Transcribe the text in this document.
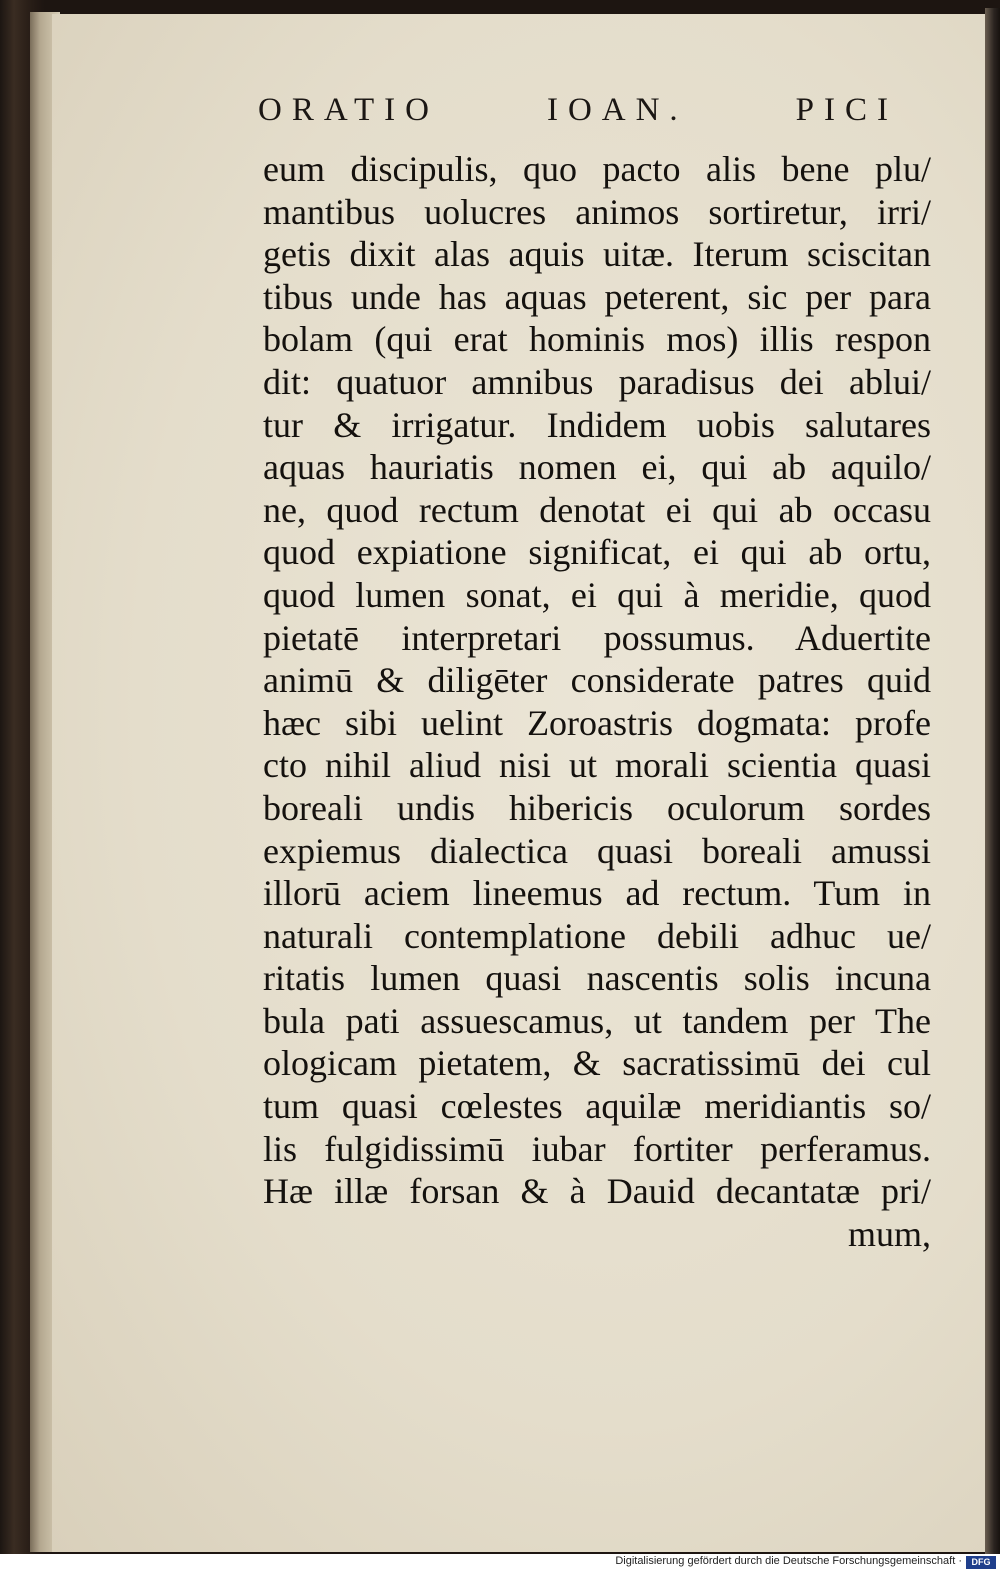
ORATIO	IOAN.	PICI
eum discipulis, quo pacto alis bene plu/
mantibus uolucres animos sortiretur, irri/
getis dixit alas aquis uitæ. Iterum sciscitan
tibus unde has aquas peterent, sic per para
bolam (qui erat hominis mos) illis respon
dit: quatuor amnibus paradisus dei ablui/
tur & irrigatur. Indidem uobis salutares
aquas hauriatis nomen ei, qui ab aquilo/
ne, quod rectum denotat ei qui ab occasu
quod expiatione significat, ei qui ab ortu,
quod lumen sonat, ei qui à meridie, quod
pietatē interpretari possumus. Aduertite
animū & diligēter considerate patres quid
hæc sibi uelint Zoroastris dogmata: profe
cto nihil aliud nisi ut morali scientia quasi
boreali undis hibericis oculorum sordes
expiemus dialectica quasi boreali amussi
illorū aciem lineemus ad rectum. Tum in
naturali contemplatione debili adhuc ue/
ritatis lumen quasi nascentis solis incuna
bula pati assuescamus, ut tandem per The
ologicam pietatem, & sacratissimū dei cul
tum quasi cœlestes aquilæ meridiantis so/
lis fulgidissimū iubar fortiter perferamus.
Hæ illæ forsan & à Dauid decantatæ pri/
mum,
Digitalisierung gefördert durch die Deutsche Forschungsgemeinschaft ·	DFG
